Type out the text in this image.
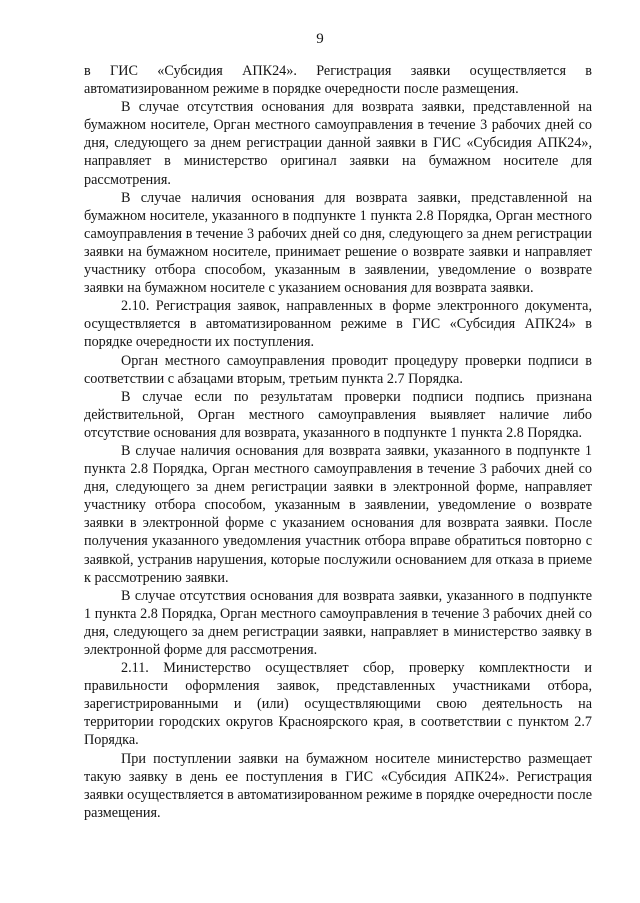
9

в ГИС «Субсидия АПК24». Регистрация заявки осуществляется в автоматизированном режиме в порядке очередности после размещения.

В случае отсутствия основания для возврата заявки, представленной на бумажном носителе, Орган местного самоуправления в течение 3 рабочих дней со дня, следующего за днем регистрации данной заявки в ГИС «Субсидия АПК24», направляет в министерство оригинал заявки на бумажном носителе для рассмотрения.

В случае наличия основания для возврата заявки, представленной на бумажном носителе, указанного в подпункте 1 пункта 2.8 Порядка, Орган местного самоуправления в течение 3 рабочих дней со дня, следующего за днем регистрации заявки на бумажном носителе, принимает решение о возврате заявки и направляет участнику отбора способом, указанным в заявлении, уведомление о возврате заявки на бумажном носителе с указанием основания для возврата заявки.

2.10. Регистрация заявок, направленных в форме электронного документа, осуществляется в автоматизированном режиме в ГИС «Субсидия АПК24» в порядке очередности их поступления.

Орган местного самоуправления проводит процедуру проверки подписи в соответствии с абзацами вторым, третьим пункта 2.7 Порядка.

В случае если по результатам проверки подписи подпись признана действительной, Орган местного самоуправления выявляет наличие либо отсутствие основания для возврата, указанного в подпункте 1 пункта 2.8 Порядка.

В случае наличия основания для возврата заявки, указанного в подпункте 1 пункта 2.8 Порядка, Орган местного самоуправления в течение 3 рабочих дней со дня, следующего за днем регистрации заявки в электронной форме, направляет участнику отбора способом, указанным в заявлении, уведомление о возврате заявки в электронной форме с указанием основания для возврата заявки. После получения указанного уведомления участник отбора вправе обратиться повторно с заявкой, устранив нарушения, которые послужили основанием для отказа в приеме к рассмотрению заявки.

В случае отсутствия основания для возврата заявки, указанного в подпункте 1 пункта 2.8 Порядка, Орган местного самоуправления в течение 3 рабочих дней со дня, следующего за днем регистрации заявки, направляет в министерство заявку в электронной форме для рассмотрения.

2.11. Министерство осуществляет сбор, проверку комплектности и правильности оформления заявок, представленных участниками отбора, зарегистрированными и (или) осуществляющими свою деятельность на территории городских округов Красноярского края, в соответствии с пунктом 2.7 Порядка.

При поступлении заявки на бумажном носителе министерство размещает такую заявку в день ее поступления в ГИС «Субсидия АПК24». Регистрация заявки осуществляется в автоматизированном режиме в порядке очередности после размещения.
